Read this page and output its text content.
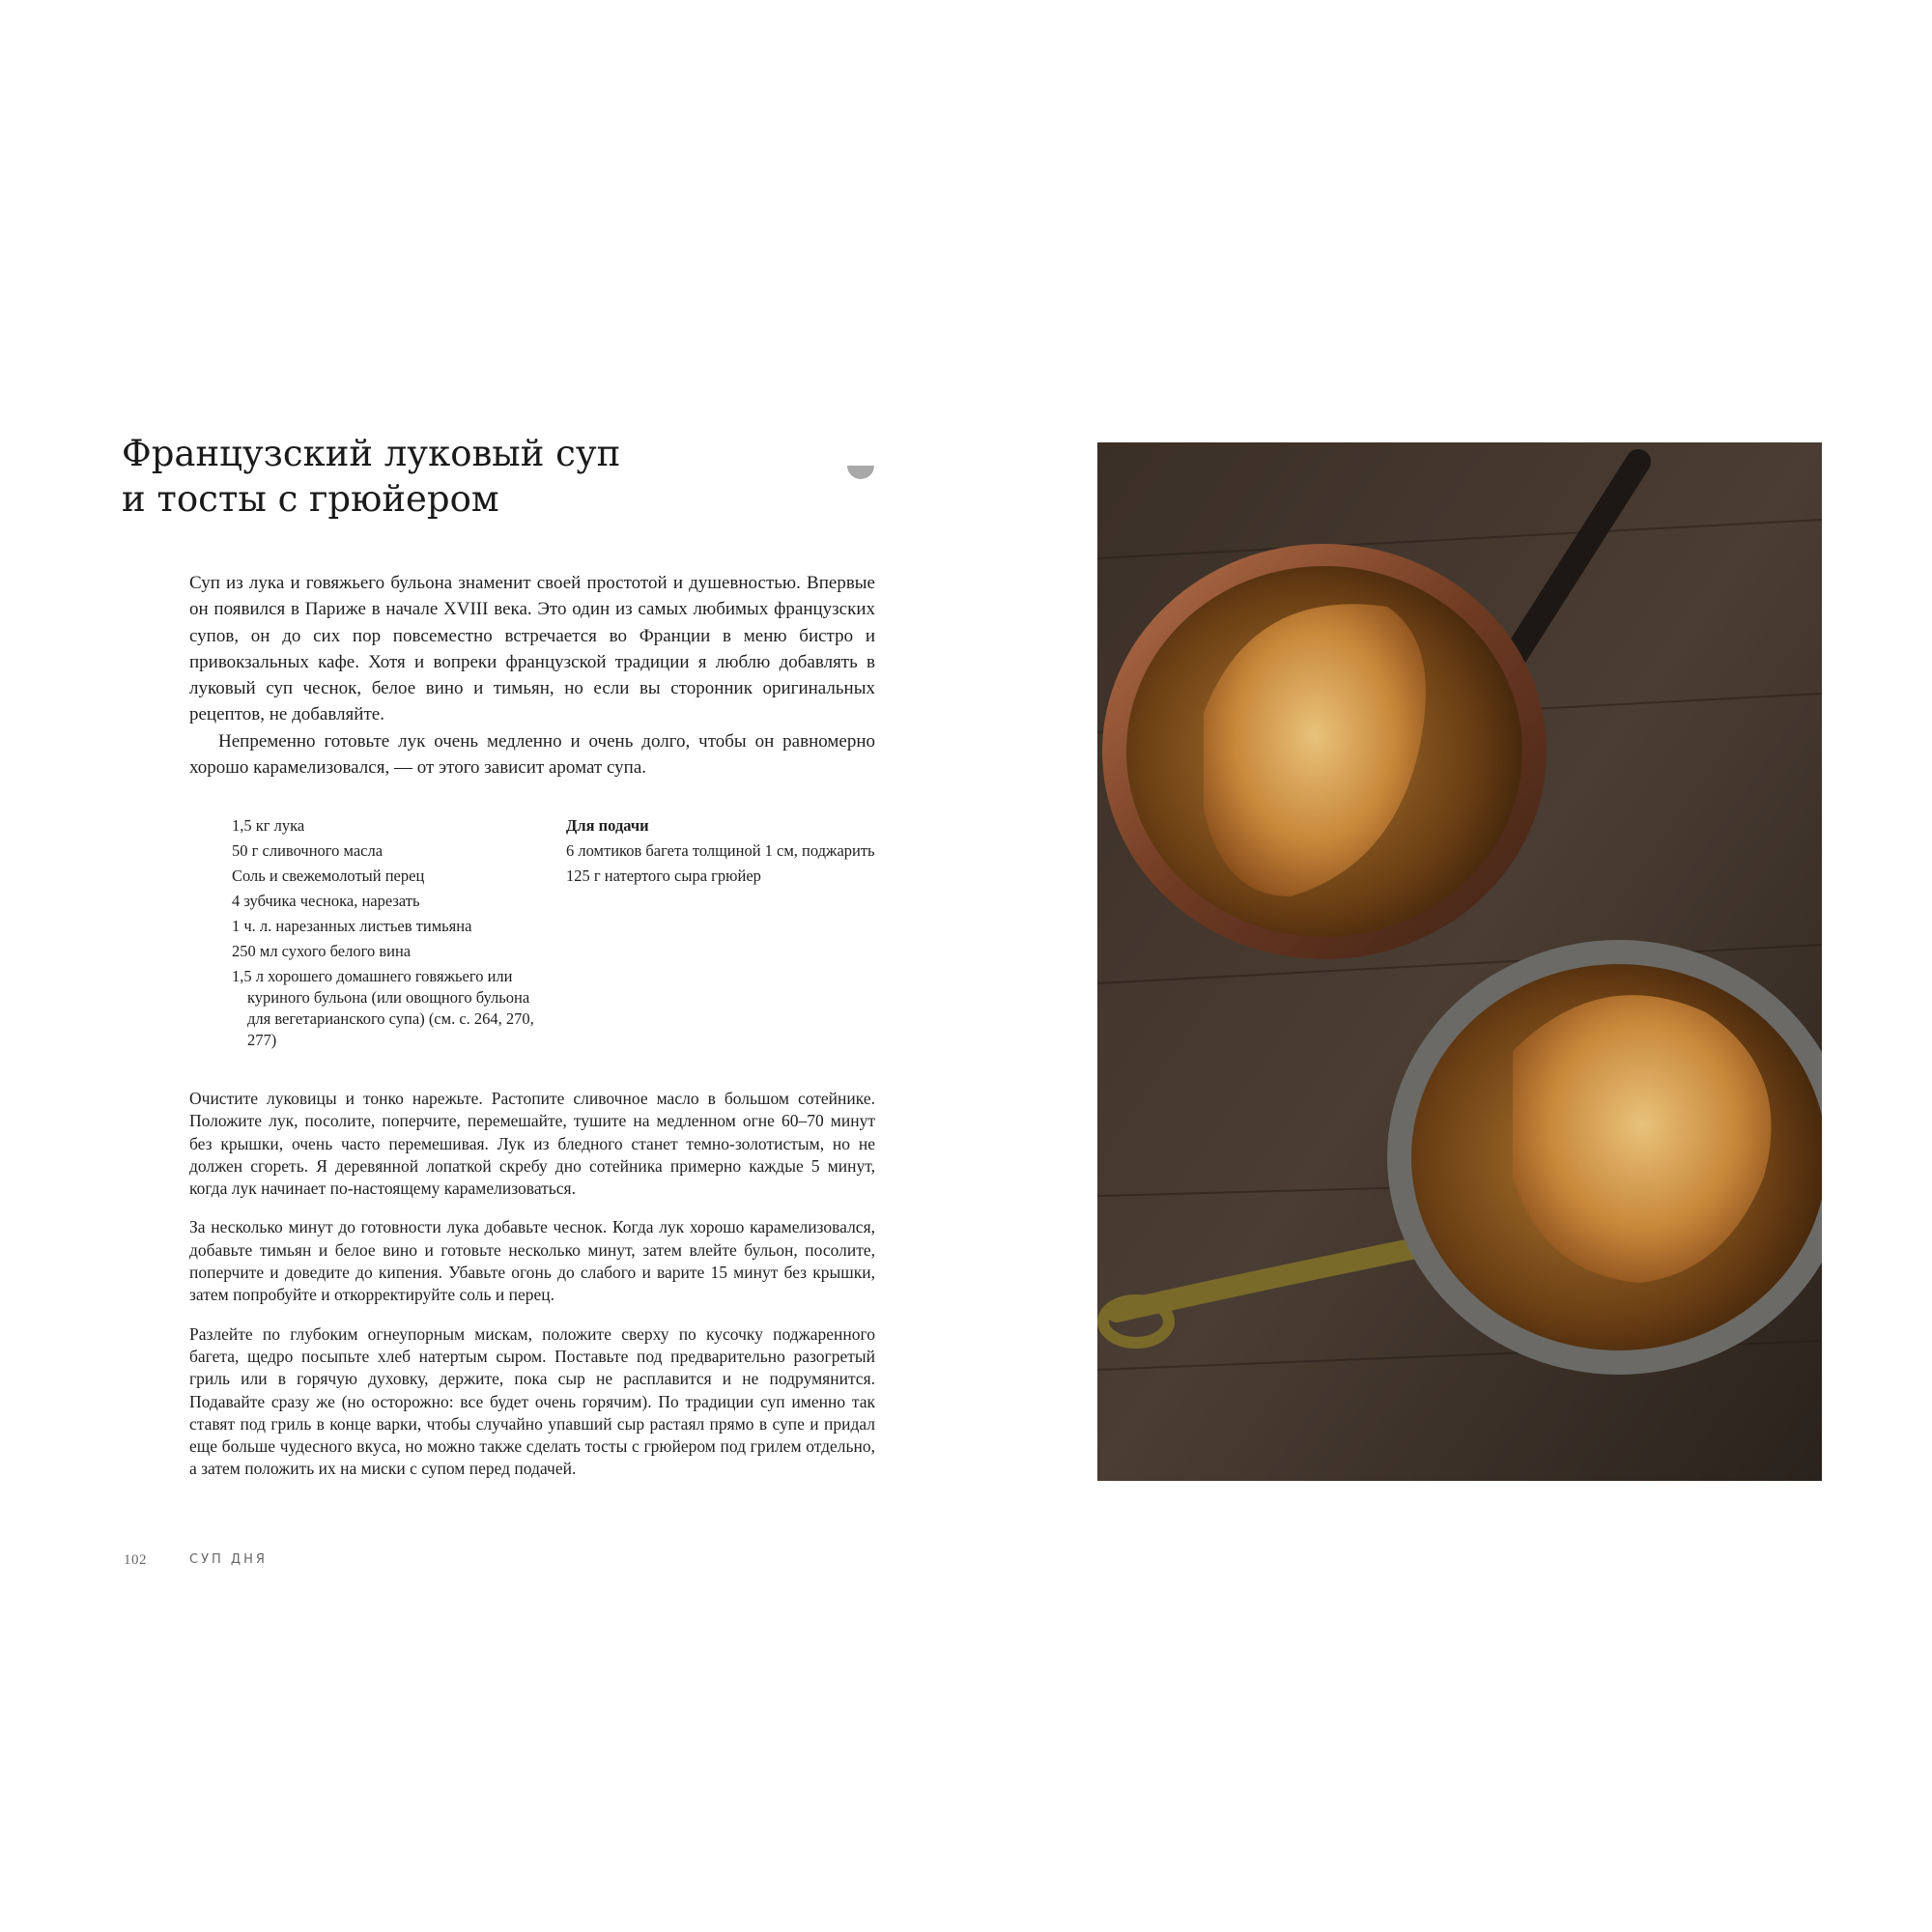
Французский луковый суп
и тосты с грюйером

Суп из лука и говяжьего бульона знаменит своей простотой и душевностью. Впервые он появился в Париже в начале XVIII века. Это один из самых любимых французских супов, он до сих пор повсеместно встречается во Франции в меню бистро и привокзальных кафе. Хотя и вопреки французской традиции я люблю добавлять в луковый суп чеснок, белое вино и тимьян, но если вы сторонник оригинальных рецептов, не добавляйте.

Непременно готовьте лук очень медленно и очень долго, чтобы он равномерно хорошо карамелизовался, — от этого зависит аромат супа.

1,5 кг лука
50 г сливочного масла
Соль и свежемолотый перец
4 зубчика чеснока, нарезать
1 ч. л. нарезанных листьев тимьяна
250 мл сухого белого вина
1,5 л хорошего домашнего говяжьего или куриного бульона (или овощного бульона для вегетарианского супа) (см. с. 264, 270, 277)
Для подачи
6 ломтиков багета толщиной 1 см, поджарить
125 г натертого сыра грюйер

Очистите луковицы и тонко нарежьте. Растопите сливочное масло в большом сотейнике. Положите лук, посолите, поперчите, перемешайте, тушите на медленном огне 60–70 минут без крышки, очень часто перемешивая. Лук из бледного станет темно-золотистым, но не должен сгореть. Я деревянной лопаткой скребу дно сотейника примерно каждые 5 минут, когда лук начинает по-настоящему карамелизоваться.

За несколько минут до готовности лука добавьте чеснок. Когда лук хорошо карамелизовался, добавьте тимьян и белое вино и готовьте несколько минут, затем влейте бульон, посолите, поперчите и доведите до кипения. Убавьте огонь до слабого и варите 15 минут без крышки, затем попробуйте и откорректируйте соль и перец.

Разлейте по глубоким огнеупорным мискам, положите сверху по кусочку поджаренного багета, щедро посыпьте хлеб натертым сыром. Поставьте под предварительно разогретый гриль или в горячую духовку, держите, пока сыр не расплавится и не подрумянится. Подавайте сразу же (но осторожно: все будет очень горячим). По традиции суп именно так ставят под гриль в конце варки, чтобы случайно упавший сыр растаял прямо в супе и придал еще больше чудесного вкуса, но можно также сделать тосты с грюйером под грилем отдельно, а затем положить их на миски с супом перед подачей.

102	СУП ДНЯ
